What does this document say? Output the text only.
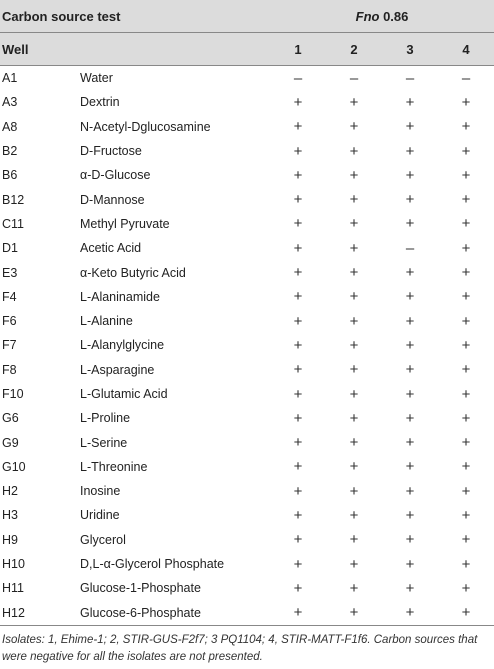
Carbon source test		Fno 0.86			
Well		1	2	3	4
A1	Water	–	–	–	–
A3	Dextrin	+	+	+	+
A8	N-Acetyl-Dglucosamine	+	+	+	+
B2	D-Fructose	+	+	+	+
B6	α-D-Glucose	+	+	+	+
B12	D-Mannose	+	+	+	+
C11	Methyl Pyruvate	+	+	+	+
D1	Acetic Acid	+	+	–	+
E3	α-Keto Butyric Acid	+	+	+	+
F4	L-Alaninamide	+	+	+	+
F6	L-Alanine	+	+	+	+
F7	L-Alanylglycine	+	+	+	+
F8	L-Asparagine	+	+	+	+
F10	L-Glutamic Acid	+	+	+	+
G6	L-Proline	+	+	+	+
G9	L-Serine	+	+	+	+
G10	L-Threonine	+	+	+	+
H2	Inosine	+	+	+	+
H3	Uridine	+	+	+	+
H9	Glycerol	+	+	+	+
H10	D,L-α-Glycerol Phosphate	+	+	+	+
H11	Glucose-1-Phosphate	+	+	+	+
H12	Glucose-6-Phosphate	+	+	+	+
Isolates: 1, Ehime-1; 2, STIR-GUS-F2f7; 3 PQ1104; 4, STIR-MATT-F1f6. Carbon sources that were negative for all the isolates are not presented.
